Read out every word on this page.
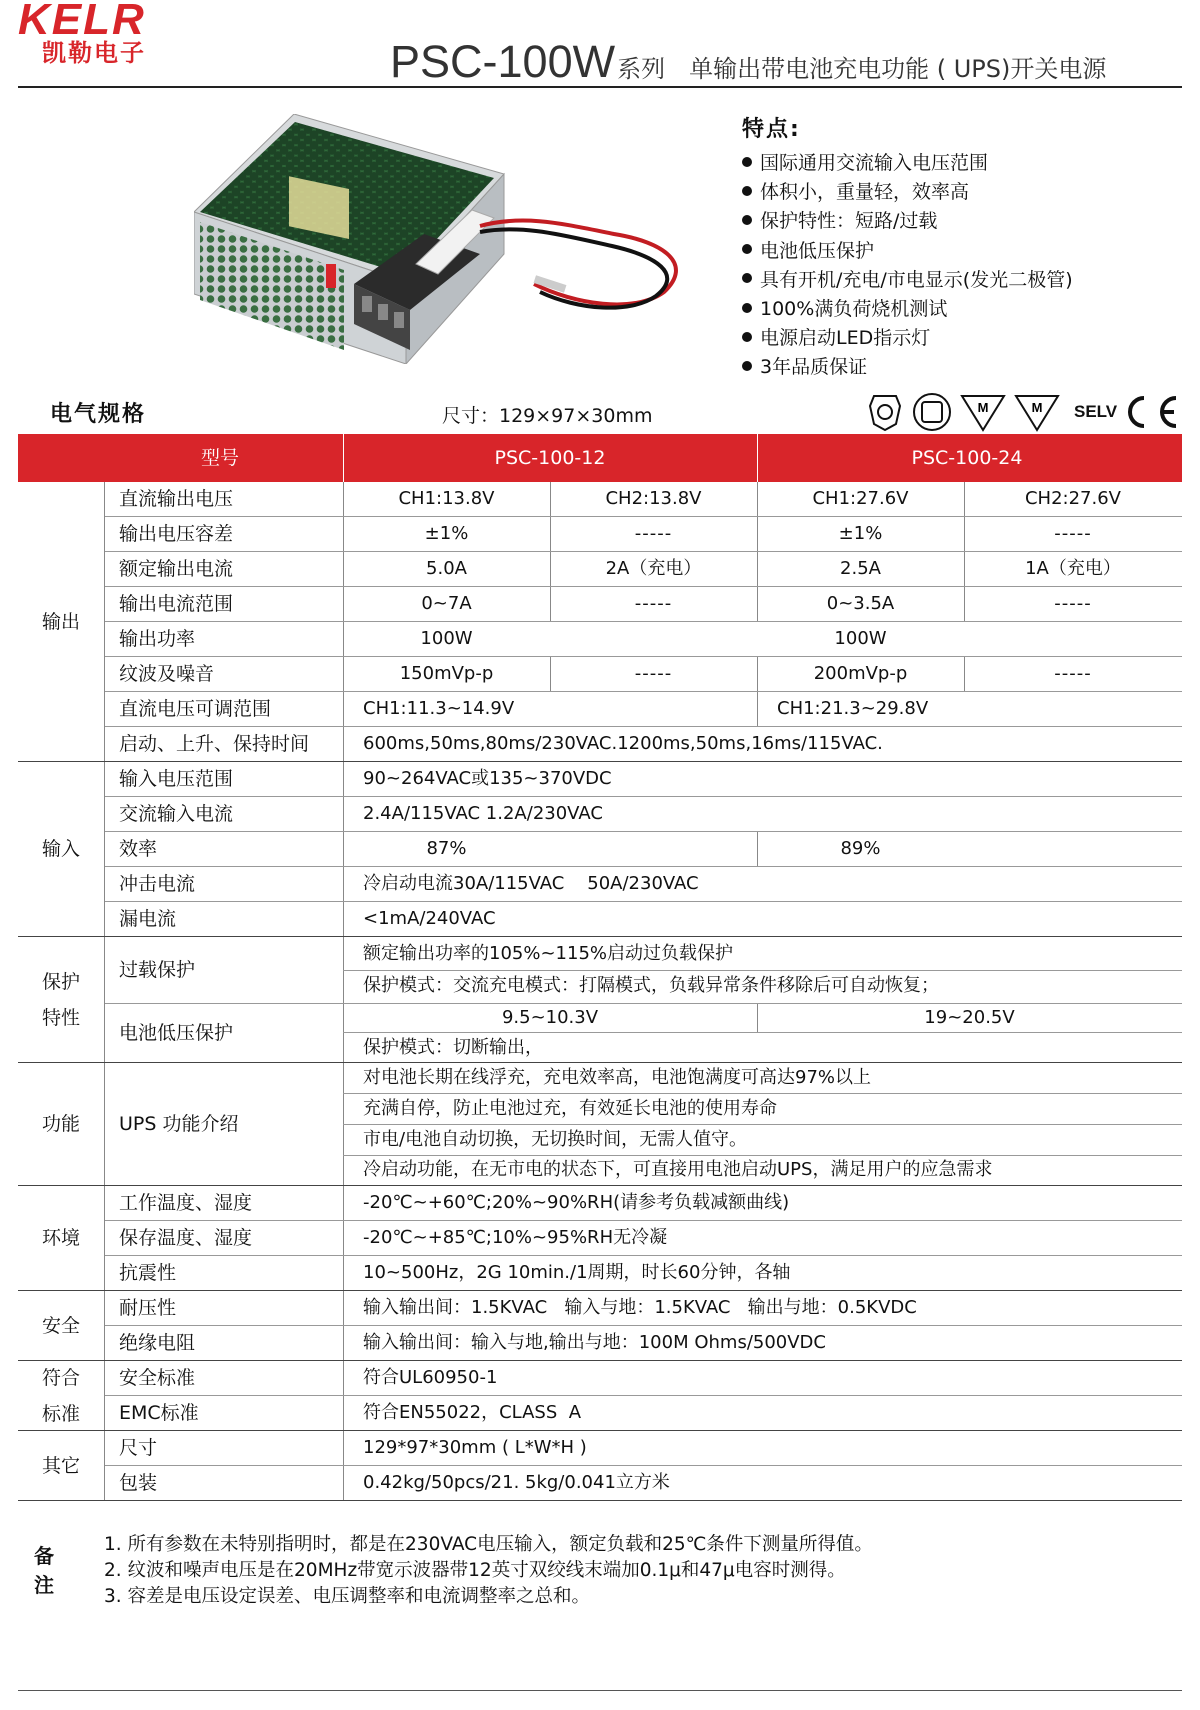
KELR
凯勒电子	PSC-100W系列 单输出带电池充电功能 ( UPS)开关电源
特点:
国际通用交流输入电压范围
体积小，重量轻，效率高
保护特性：短路/过载
电池低压保护
具有开机/充电/市电显示(发光二极管)
100%满负荷烧机测试
电源启动LED指示灯
3年品质保证
电气规格	尺寸：129×97×30mm	M	M SELV
型号	PSC-100-12	PSC-100-24
输出
直流输出电压	CH1:13.8V	CH2:13.8V	CH1:27.6V	CH2:27.6V
输出电压容差	±1%	-----	±1%	-----
额定输出电流	5.0A	2A（充电）	2.5A	1A（充电）
输出电流范围	0~7A	-----	0~3.5A	-----
输出功率	100W	100W
纹波及噪音	150mVp-p	-----	200mVp-p	-----
直流电压可调范围	CH1:11.3~14.9V	CH1:21.3~29.8V
启动、上升、保持时间	600ms,50ms,80ms/230VAC.1200ms,50ms,16ms/115VAC.
输入
输入电压范围	90~264VAC或135~370VDC
交流输入电流	2.4A/115VAC 1.2A/230VAC
效率	87%	89%
冲击电流	冷启动电流30A/115VAC    50A/230VAC
漏电流	<1mA/240VAC
保护
特性
过载保护
额定输出功率的105%~115%启动过负载保护
保护模式：交流充电模式：打隔模式，负载异常条件移除后可自动恢复；
电池低压保护
9.5~10.3V	19~20.5V
保护模式：切断输出，
功能	UPS 功能介绍
对电池长期在线浮充，充电效率高，电池饱满度可高达97%以上
充满自停，防止电池过充，有效延长电池的使用寿命
市电/电池自动切换，无切换时间，无需人值守。
冷启动功能，在无市电的状态下，可直接用电池启动UPS，满足用户的应急需求
环境
工作温度、湿度	-20℃~+60℃;20%~90%RH(请参考负载减额曲线)
保存温度、湿度	-20℃~+85℃;10%~95%RH无冷凝
抗震性	10~500Hz，2G 10min./1周期，时长60分钟，各轴
安全
耐压性	输入输出间：1.5KVAC   输入与地：1.5KVAC   输出与地：0.5KVDC
绝缘电阻	输入输出间：输入与地,输出与地：100M Ohms/500VDC
符合
标准
安全标准	符合UL60950-1
EMC标准	符合EN55022，CLASS  A
其它
尺寸	129*97*30mm ( L*W*H )
包装	0.42kg/50pcs/21. 5kg/0.041立方米
备注
1. 所有参数在未特别指明时，都是在230VAC电压输入，额定负载和25℃条件下测量所得值。
2. 纹波和噪声电压是在20MHz带宽示波器带12英寸双绞线末端加0.1μ和47μ电容时测得。
3. 容差是电压设定误差、电压调整率和电流调整率之总和。
